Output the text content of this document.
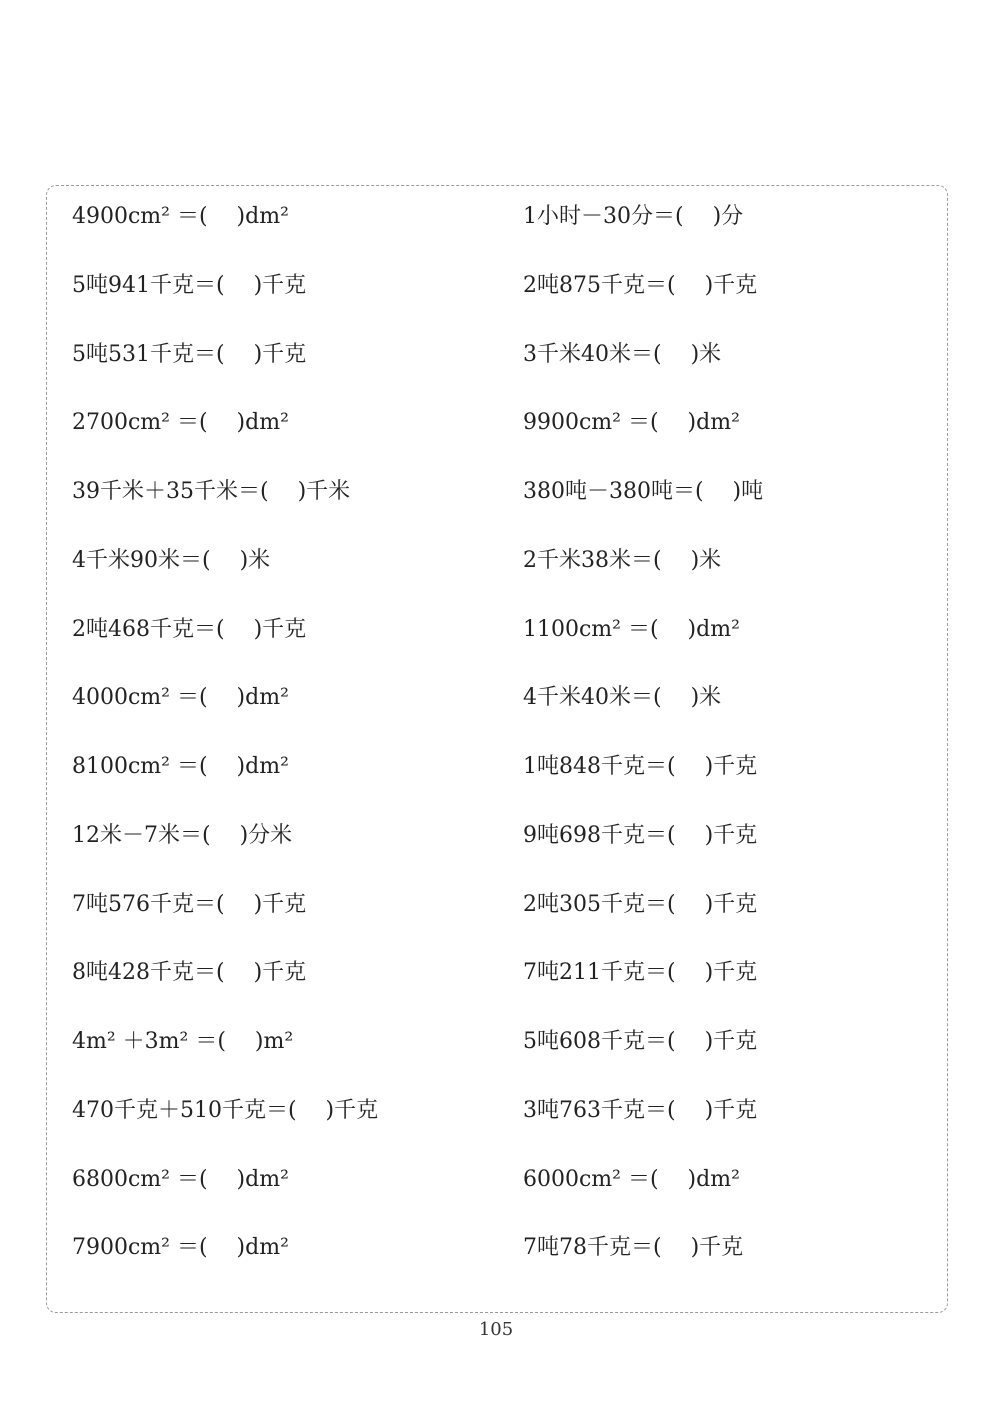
4900cm² ＝(　 )dm²	1小时－30分＝(　 )分
5吨941千克＝(　 )千克	2吨875千克＝(　 )千克
5吨531千克＝(　 )千克	3千米40米＝(　 )米
2700cm² ＝(　 )dm²	9900cm² ＝(　 )dm²
39千米＋35千米＝(　 )千米	380吨－380吨＝(　 )吨
4千米90米＝(　 )米	2千米38米＝(　 )米
2吨468千克＝(　 )千克	1100cm² ＝(　 )dm²
4000cm² ＝(　 )dm²	4千米40米＝(　 )米
8100cm² ＝(　 )dm²	1吨848千克＝(　 )千克
12米－7米＝(　 )分米	9吨698千克＝(　 )千克
7吨576千克＝(　 )千克	2吨305千克＝(　 )千克
8吨428千克＝(　 )千克	7吨211千克＝(　 )千克
4m² ＋3m² ＝(　 )m²	5吨608千克＝(　 )千克
470千克＋510千克＝(　 )千克	3吨763千克＝(　 )千克
6800cm² ＝(　 )dm²	6000cm² ＝(　 )dm²
7900cm² ＝(　 )dm²	7吨78千克＝(　 )千克
105
